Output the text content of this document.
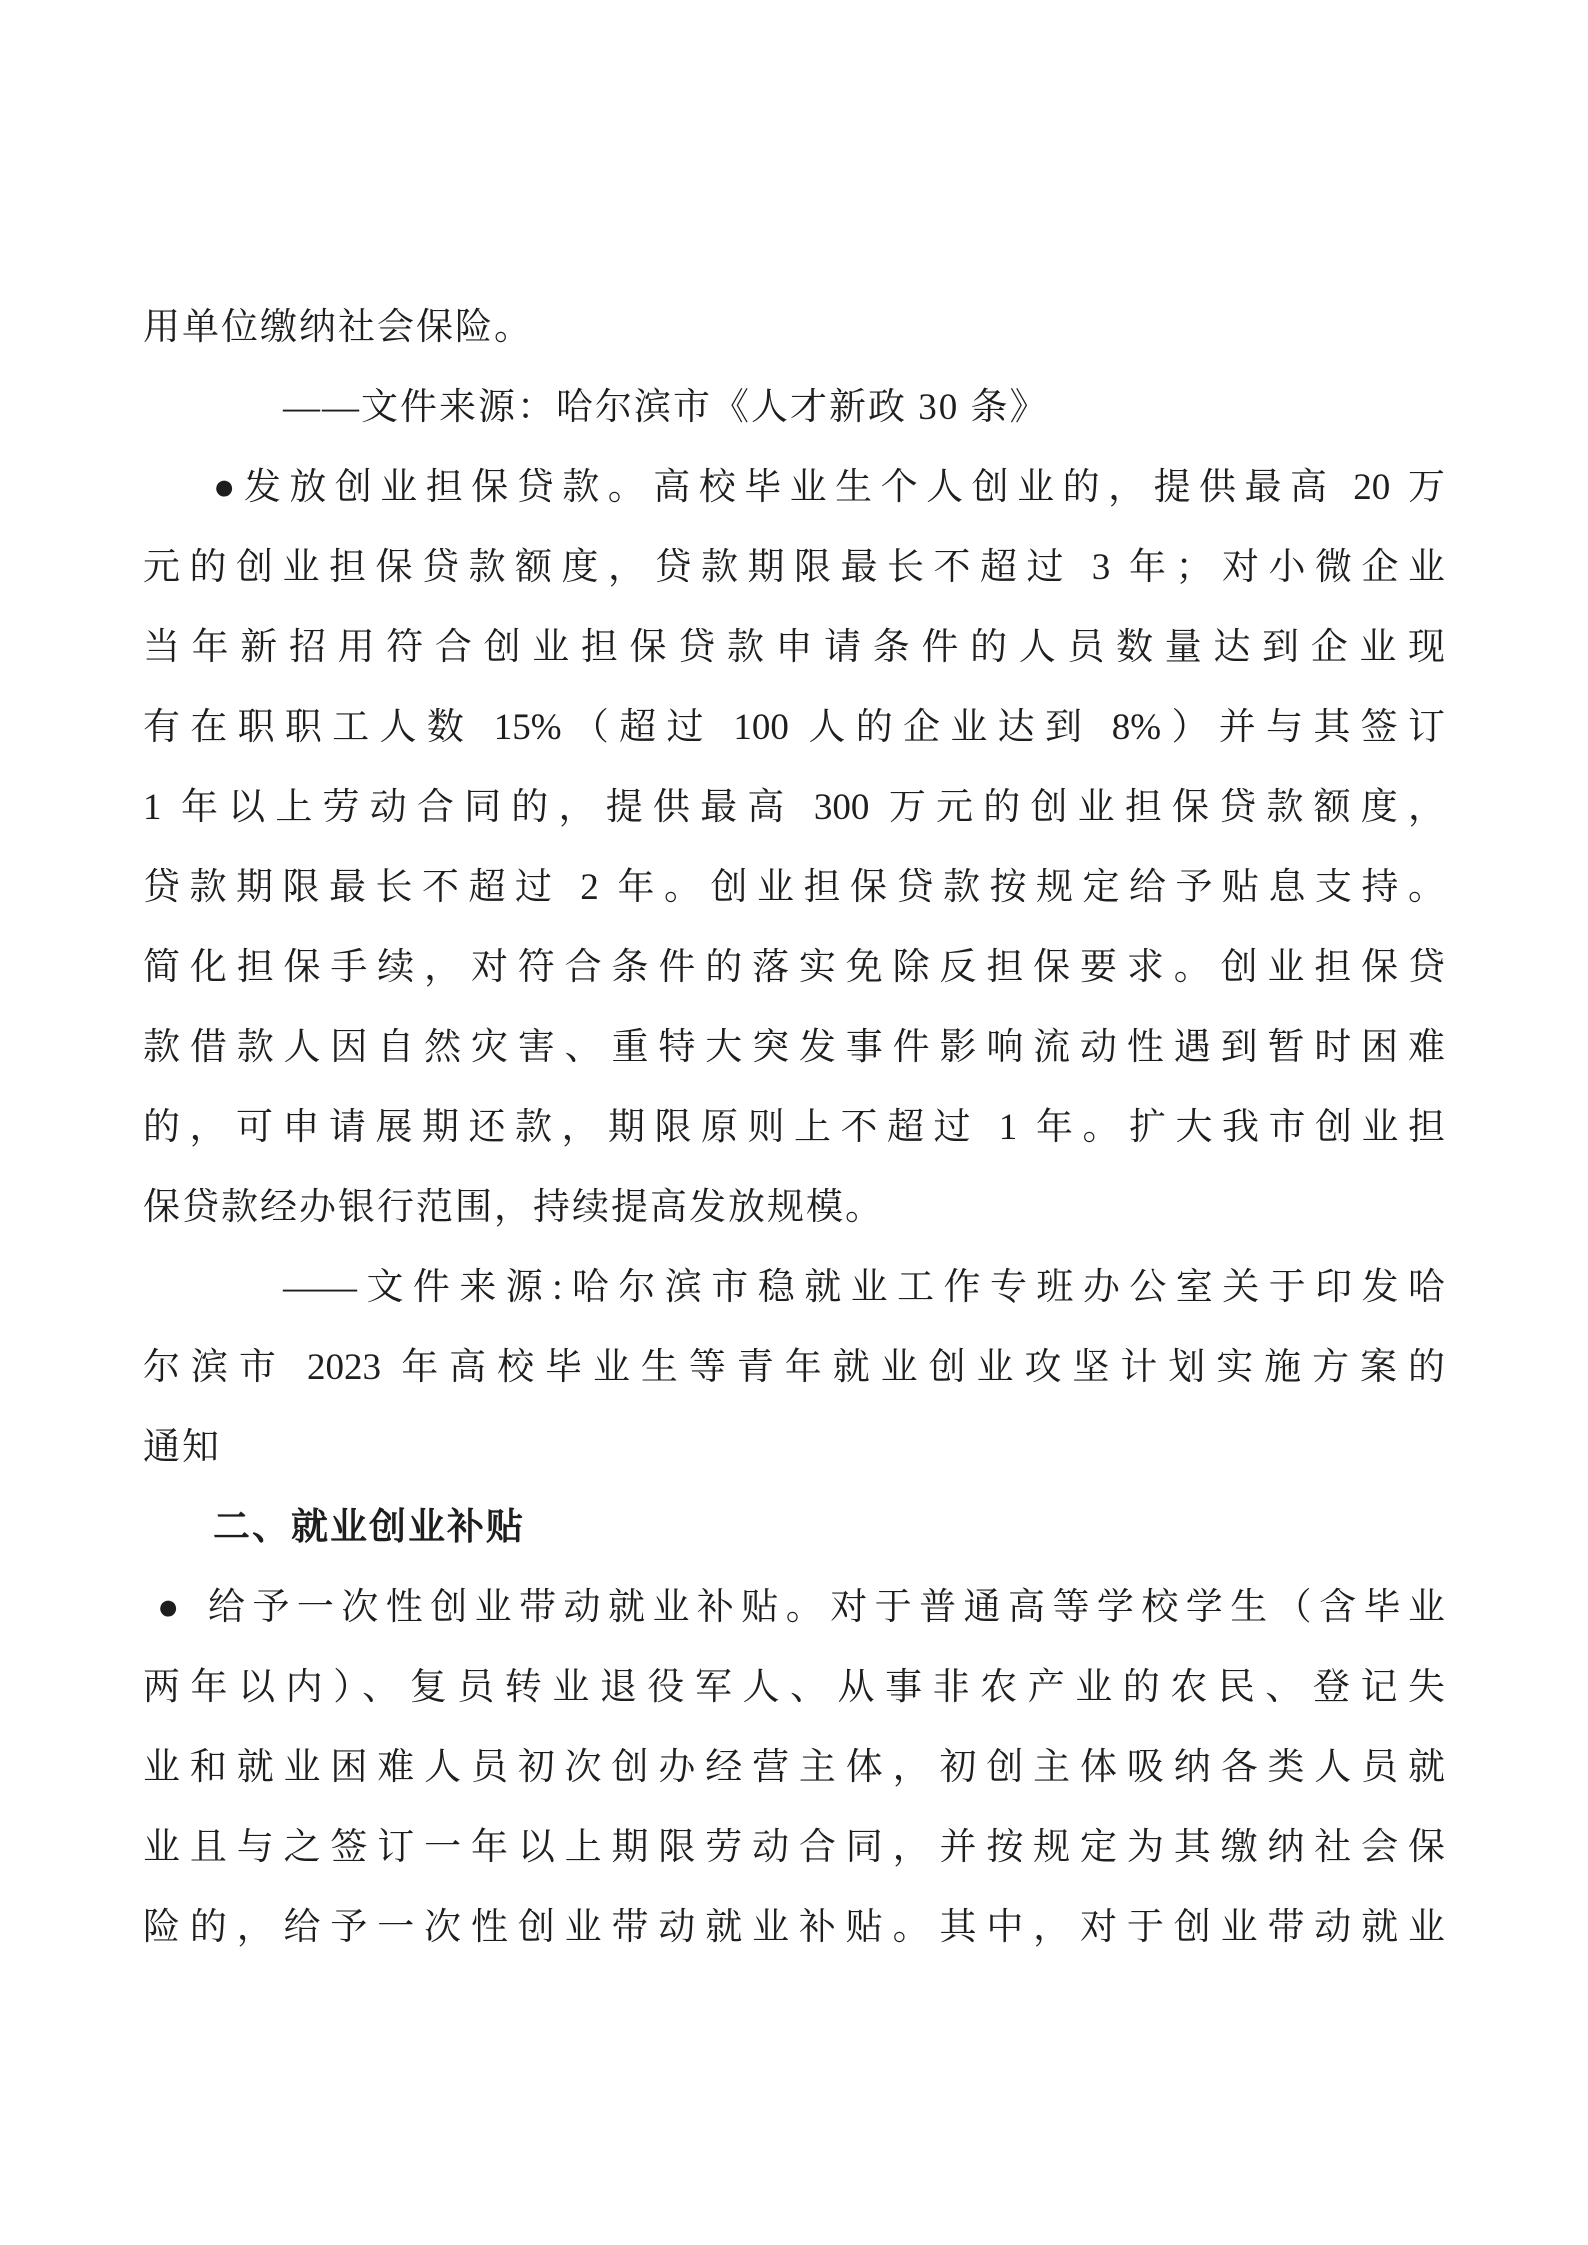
用单位缴纳社会保险。
——文件来源：哈尔滨市《人才新政 30 条》
●发放创业担保贷款。高校毕业生个人创业的，提供最高 20 万
元的创业担保贷款额度，贷款期限最长不超过 3 年；对小微企业
当年新招用符合创业担保贷款申请条件的人员数量达到企业现
有在职职工人数 15%（超过 100 人的企业达到 8%）并与其签订
1 年以上劳动合同的，提供最高 300 万元的创业担保贷款额度，
贷款期限最长不超过 2 年。创业担保贷款按规定给予贴息支持。
简化担保手续，对符合条件的落实免除反担保要求。创业担保贷
款借款人因自然灾害、重特大突发事件影响流动性遇到暂时困难
的，可申请展期还款，期限原则上不超过 1 年。扩大我市创业担
保贷款经办银行范围，持续提高发放规模。
——文件来源:哈尔滨市稳就业工作专班办公室关于印发哈
尔滨市 2023 年高校毕业生等青年就业创业攻坚计划实施方案的
通知
二、就业创业补贴
● 给予一次性创业带动就业补贴。对于普通高等学校学生（含毕业
两年以内）、复员转业退役军人、从事非农产业的农民、登记失
业和就业困难人员初次创办经营主体，初创主体吸纳各类人员就
业且与之签订一年以上期限劳动合同，并按规定为其缴纳社会保
险的，给予一次性创业带动就业补贴。其中，对于创业带动就业
